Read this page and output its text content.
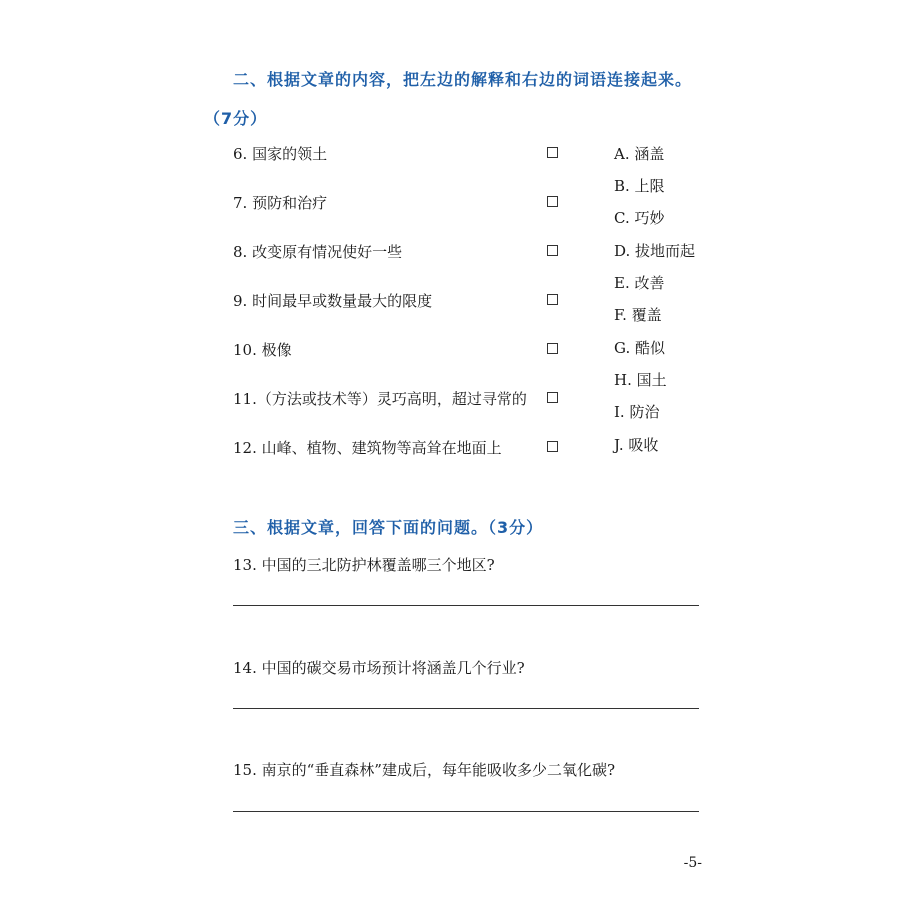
二、根据文章的内容，把左边的解释和右边的词语连接起来。
（7分）
6. 国家的领土
7. 预防和治疗
8. 改变原有情况使好一些
9. 时间最早或数量最大的限度
10. 极像
11.（方法或技术等）灵巧高明，超过寻常的
12. 山峰、植物、建筑物等高耸在地面上
A. 涵盖
B. 上限
C. 巧妙
D. 拔地而起
E. 改善
F. 覆盖
G. 酷似
H. 国土
I. 防治
J. 吸收
三、根据文章，回答下面的问题。（3分）
13. 中国的三北防护林覆盖哪三个地区?
14. 中国的碳交易市场预计将涵盖几个行业?
15. 南京的“垂直森林”建成后，每年能吸收多少二氧化碳?
-5-
